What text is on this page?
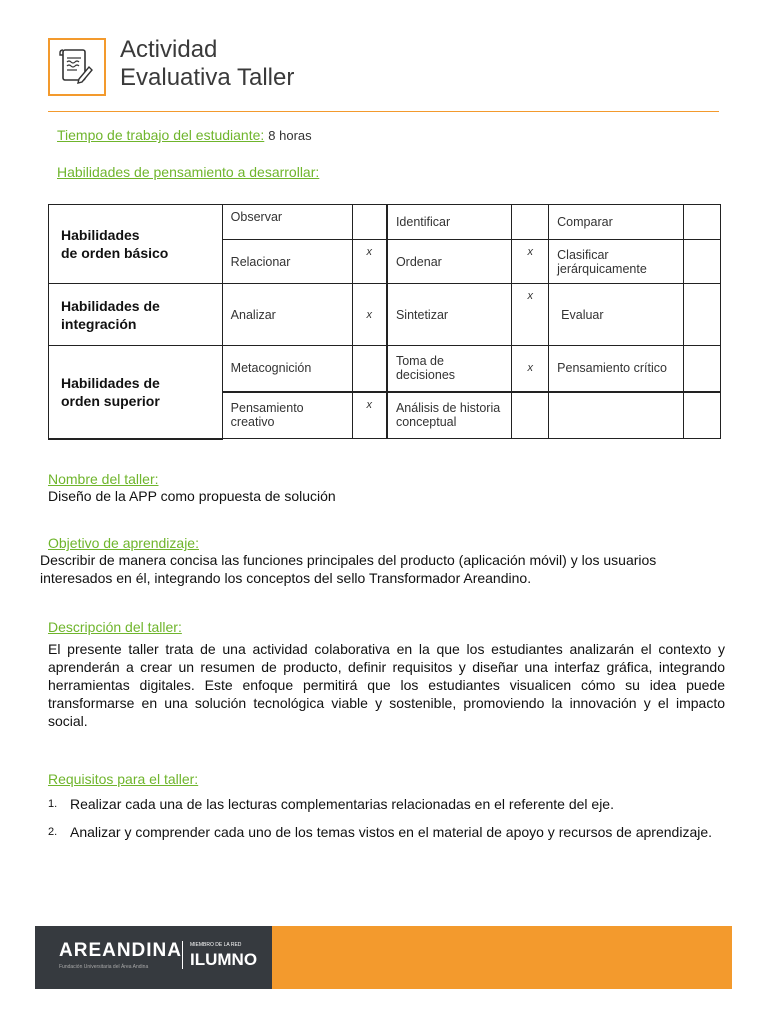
Actividad
Evaluativa Taller
Tiempo de trabajo del estudiante: 8 horas
Habilidades de pensamiento a desarrollar:
Habilidades
de orden básico	Observar		Identificar		Comparar	
	Relacionar	x	Ordenar	x	Clasificar jerárquicamente	

Habilidades de
integración	Analizar	x	Sintetizar	x	Evaluar	

Habilidades de
orden superior	Metacognición		Toma de decisiones	x	Pensamiento crítico	
	Pensamiento creativo	x	Análisis de historia conceptual			
Nombre del taller:
Diseño de la APP como propuesta de solución
Objetivo de aprendizaje:
Describir de manera concisa las funciones principales del producto (aplicación móvil) y los usuarios interesados en él, integrando los conceptos del sello Transformador Areandino.
Descripción del taller:
El presente taller trata de una actividad colaborativa en la que los estudiantes analizarán el contexto y aprenderán a crear un resumen de producto, definir requisitos y diseñar una interfaz gráfica, integrando herramientas digitales. Este enfoque permitirá que los estudiantes visualicen cómo su idea puede transformarse en una solución tecnológica viable y sostenible, promoviendo la innovación y el impacto social.
Requisitos para el taller:
1. Realizar cada una de las lecturas complementarias relacionadas en el referente del eje.
2. Analizar y comprender cada uno de los temas vistos en el material de apoyo y recursos de aprendizaje.
AREANDINA
Fundación Universitaria del Área Andina
MIEMBRO DE LA RED
ILUMNO
